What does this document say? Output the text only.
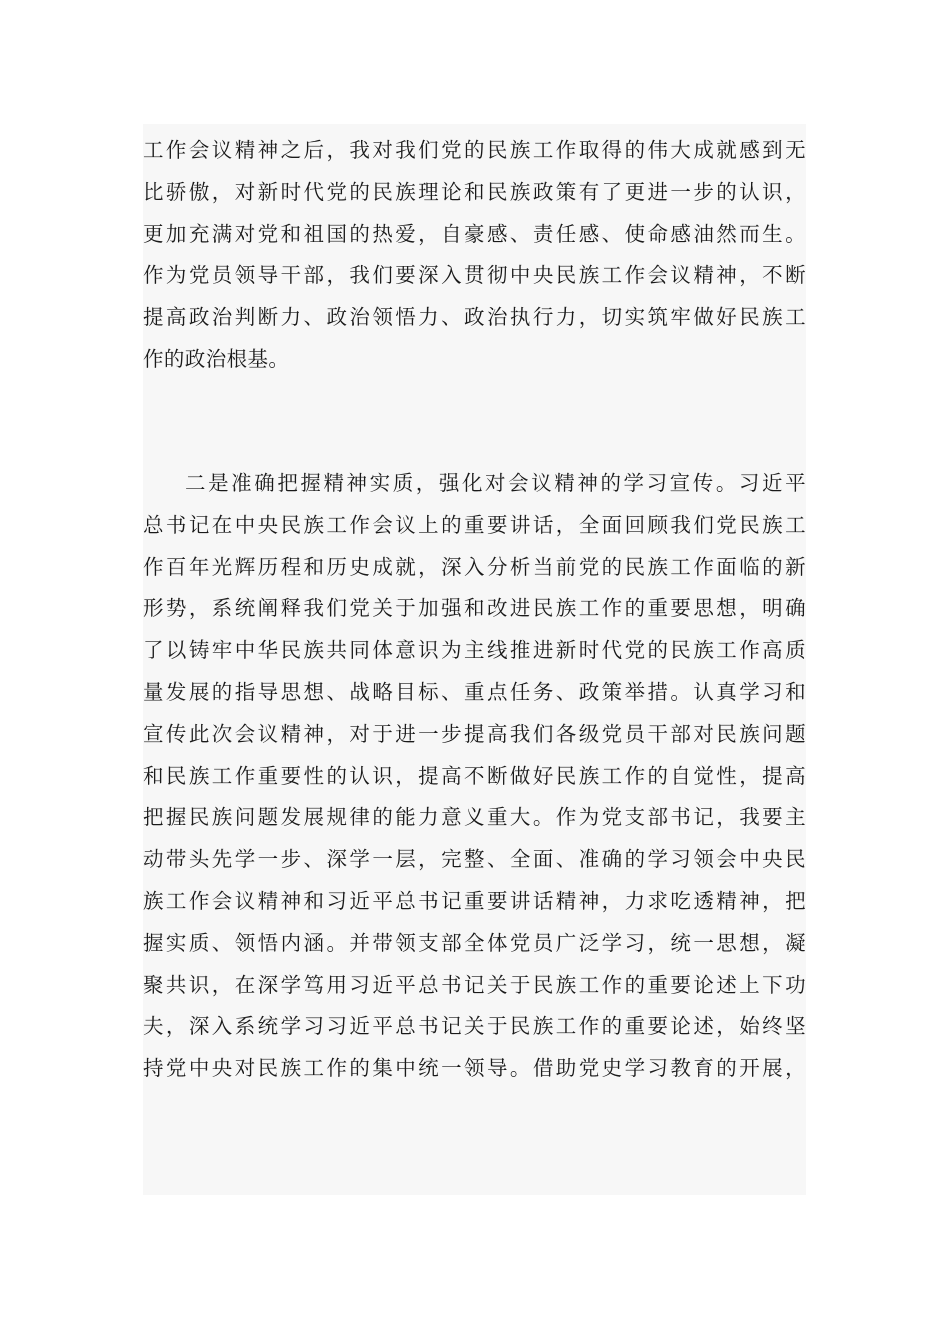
工作会议精神之后，我对我们党的民族工作取得的伟大成就感到无
比骄傲，对新时代党的民族理论和民族政策有了更进一步的认识，
更加充满对党和祖国的热爱，自豪感、责任感、使命感油然而生。
作为党员领导干部，我们要深入贯彻中央民族工作会议精神，不断
提高政治判断力、政治领悟力、政治执行力，切实筑牢做好民族工
作的政治根基。
二是准确把握精神实质，强化对会议精神的学习宣传。习近平
总书记在中央民族工作会议上的重要讲话，全面回顾我们党民族工
作百年光辉历程和历史成就，深入分析当前党的民族工作面临的新
形势，系统阐释我们党关于加强和改进民族工作的重要思想，明确
了以铸牢中华民族共同体意识为主线推进新时代党的民族工作高质
量发展的指导思想、战略目标、重点任务、政策举措。认真学习和
宣传此次会议精神，对于进一步提高我们各级党员干部对民族问题
和民族工作重要性的认识，提高不断做好民族工作的自觉性，提高
把握民族问题发展规律的能力意义重大。作为党支部书记，我要主
动带头先学一步、深学一层，完整、全面、准确的学习领会中央民
族工作会议精神和习近平总书记重要讲话精神，力求吃透精神，把
握实质、领悟内涵。并带领支部全体党员广泛学习，统一思想，凝
聚共识，在深学笃用习近平总书记关于民族工作的重要论述上下功
夫，深入系统学习习近平总书记关于民族工作的重要论述，始终坚
持党中央对民族工作的集中统一领导。借助党史学习教育的开展，
